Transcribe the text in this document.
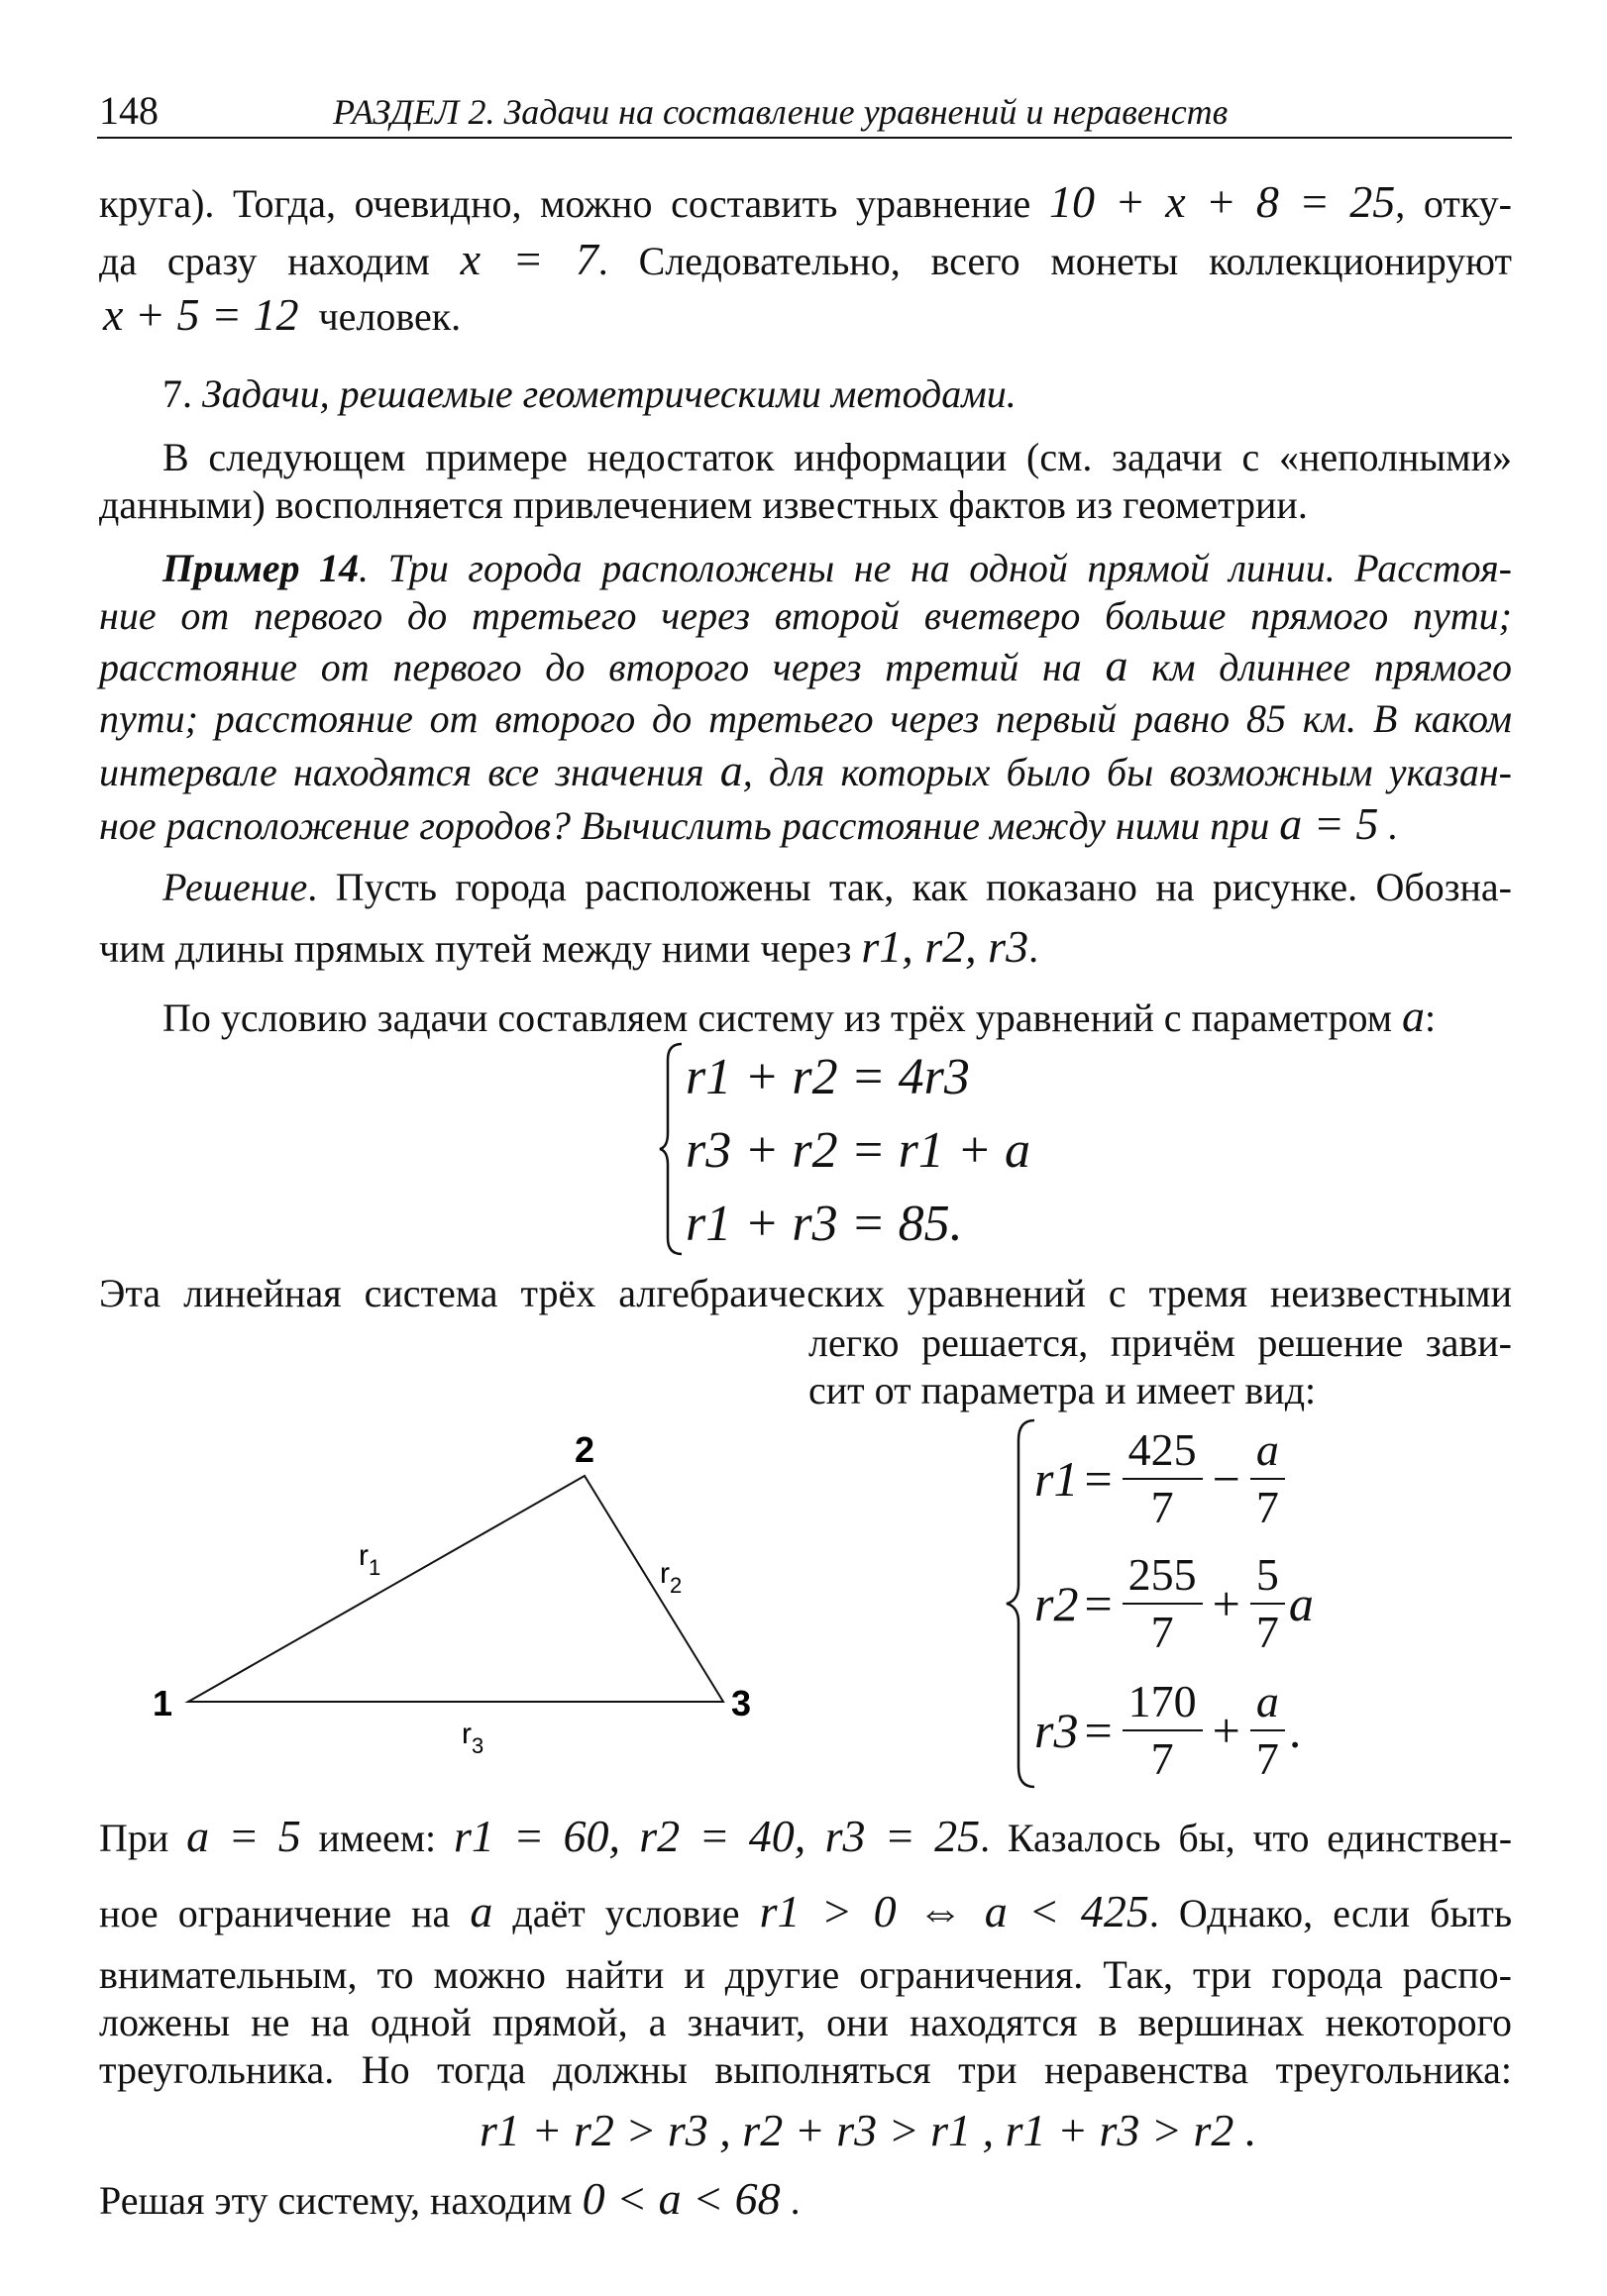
148	РАЗДЕЛ 2. Задачи на составление уравнений и неравенств
круга). Тогда, очевидно, можно составить уравнение 10 + x + 8 = 25, отку-
да сразу находим x = 7. Следовательно, всего монеты коллекционируют
x + 5 = 12 человек.
7. Задачи, решаемые геометрическими методами.
В следующем примере недостаток информации (см. задачи с «неполными»
данными) восполняется привлечением известных фактов из геометрии.
Пример 14. Три города расположены не на одной прямой линии. Расстоя-
ние от первого до третьего через второй вчетверо больше прямого пути;
расстояние от первого до второго через третий на a км длиннее прямого
пути; расстояние от второго до третьего через первый равно 85 км. В каком
интервале находятся все значения a, для которых было бы возможным указан-
ное расположение городов? Вычислить расстояние между ними при a = 5 .
Решение. Пусть города расположены так, как показано на рисунке. Обозна-
чим длины прямых путей между ними через r1, r2, r3.
По условию задачи составляем систему из трёх уравнений с параметром a:
r1 + r2 = 4r3
r3 + r2 = r1 + a
r1 + r3 = 85.
Эта линейная система трёх алгебраических уравнений с тремя неизвестными
легко решается, причём решение зави-
сит от параметра и имеет вид:
1
2
3
$r_1$	$r_2$
$r_3$
$r1 = \frac{425}{7} - \frac{a}{7}$
$r2 = \frac{255}{7} + \frac{5}{7}$ a
$r3 = \frac{170}{7} + \frac{a}{7}$ .
При a = 5 имеем: r1 = 60, r2 = 40, r3 = 25. Казалось бы, что единствен-
ное ограничение на a даёт условие r1 > 0 ⇔ a < 425. Однако, если быть
внимательным, то можно найти и другие ограничения. Так, три города распо-
ложены не на одной прямой, а значит, они находятся в вершинах некоторого
треугольника. Но тогда должны выполняться три неравенства треугольника:
r1 + r2 > r3 , r2 + r3 > r1 , r1 + r3 > r2 .
Решая эту систему, находим 0 < a < 68 .
